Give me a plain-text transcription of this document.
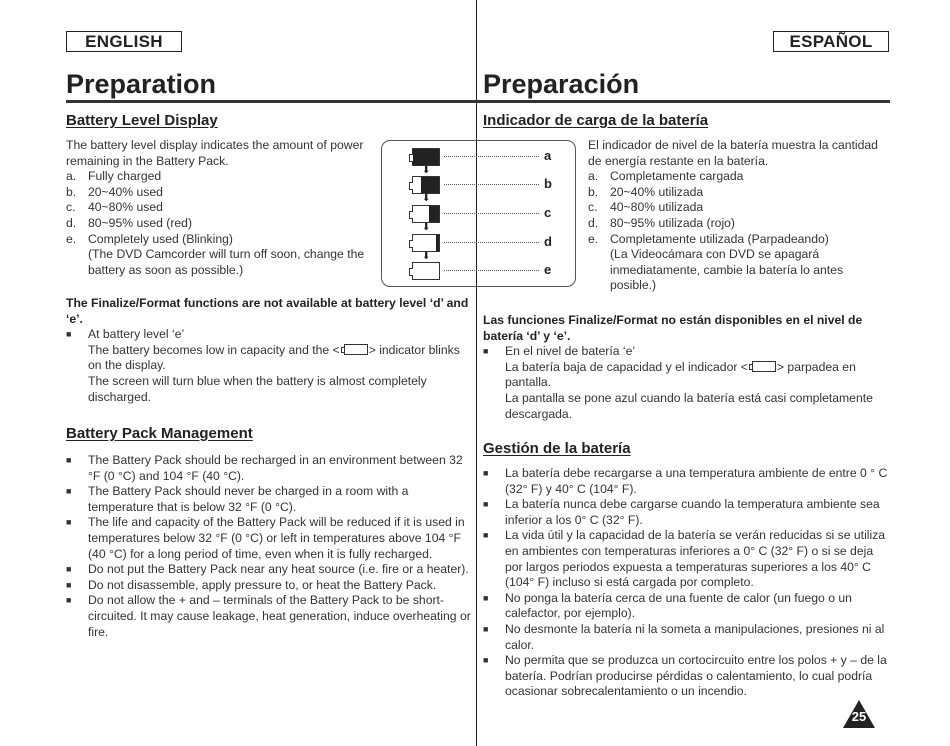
ENGLISH	ESPAÑOL
Preparation	Preparación
Battery Level Display

The battery level display indicates the amount of power remaining in the Battery Pack.

a. Fully charged
b. 20~40% used
c.	40~80% used
d. 80~95% used (red)
e. Completely used (Blinking)

(The DVD Camcorder will turn off soon, change the battery as soon as possible.)

The Finalize/Format functions are not available at battery level ‘d’ and ‘e’.

■	At battery level ‘e’

The battery becomes low in capacity and the < > indicator blinks on the display.

The screen will turn blue when the battery is almost completely discharged.

Battery Pack Management
■	The Battery Pack should be recharged in an environment between 32 °F (0 °C) and 104 °F (40 °C).

■	The Battery Pack should never be charged in a room with a temperature that is below 32 °F (0 °C).

■	The life and capacity of the Battery Pack will be reduced if it is used in temperatures below 32 °F (0 °C) or left in temperatures above 104 °F (40 °C) for a long period of time, even when it is fully recharged.

■	Do not put the Battery Pack near any heat source (i.e. fire or a heater).

■	Do not disassemble, apply pressure to, or heat the Battery Pack.

■	Do not allow the + and – terminals of the Battery Pack to be short-circuited. It may cause leakage, heat generation, induce overheating or fire.

a
⬇
b
⬇
c
⬇
d
⬇
e
Indicador de carga de la batería

El indicador de nivel de la batería muestra la cantidad de energía restante en la batería.

a. Completamente cargada
b. 20~40% utilizada
c.	40~80% utilizada
d. 80~95% utilizada (rojo)
e. Completamente utilizada (Parpadeando)

(La Videocámara con DVD se apagará inmediatamente, cambie la batería lo antes posible.)

Las funciones Finalize/Format no están disponibles en el nivel de batería ‘d’ y ‘e’.

■	En el nivel de batería ‘e’

La batería baja de capacidad y el indicador < > parpadea en pantalla.

La pantalla se pone azul cuando la batería está casi completamente descargada.

Gestión de la batería
■	La batería debe recargarse a una temperatura ambiente de entre 0 ° C (32° F) y 40° C (104° F).

■	La batería nunca debe cargarse cuando la temperatura ambiente sea inferior a los 0° C (32° F).

■	La vida útil y la capacidad de la batería se verán reducidas si se utiliza en ambientes con temperaturas inferiores a 0° C (32° F) o si se deja por largos periodos expuesta a temperaturas superiores a los 40° C (104° F) incluso si está cargada por completo.

■	No ponga la batería cerca de una fuente de calor (un fuego o un calefactor, por ejemplo).

■	No desmonte la batería ni la someta a manipulaciones, presiones ni al calor.

■	No permita que se produzca un cortocircuito entre los polos + y – de la batería. Podrían producirse pérdidas o calentamiento, lo cual podría ocasionar sobrecalentamiento o un incendio.

25
